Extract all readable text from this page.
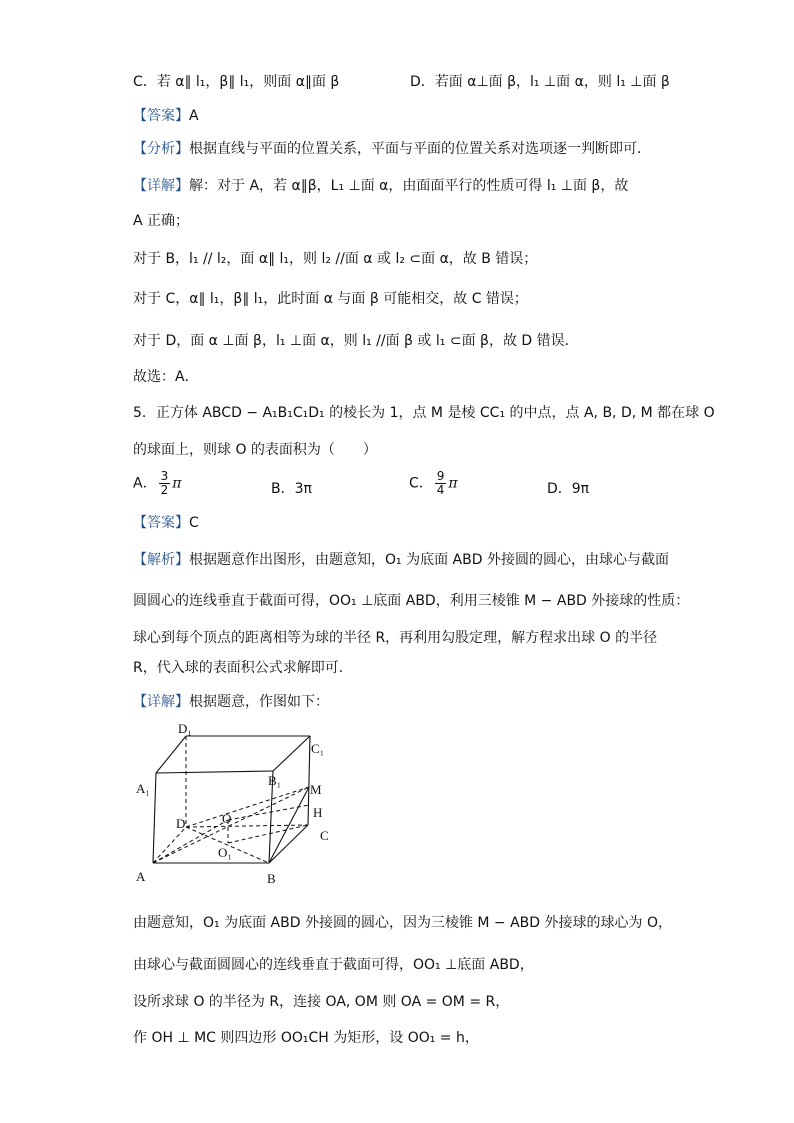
C．若 α∥ l₁，β∥ l₁，则面 α∥面 β	D．若面 α⊥面 β，l₁ ⊥面 α，则 l₁ ⊥面 β
【答案】A
【分析】根据直线与平面的位置关系，平面与平面的位置关系对选项逐一判断即可．
【详解】解：对于 A，若 α∥β，L₁ ⊥面 α，由面面平行的性质可得 l₁ ⊥面 β，故
A 正确；
对于 B，l₁ // l₂，面 α∥ l₁，则 l₂ //面 α 或 l₂ ⊂面 α，故 B 错误；
对于 C，α∥ l₁，β∥ l₁，此时面 α 与面 β 可能相交，故 C 错误；
对于 D，面 α ⊥面 β，l₁ ⊥面 α，则 l₁ //面 β 或 l₁ ⊂面 β，故 D 错误．
故选：A．
5．正方体 ABCD − A₁B₁C₁D₁ 的棱长为 1，点 M 是棱 CC₁ 的中点，点 A, B, D, M 都在球 O
的球面上，则球 O 的表面积为（　　）
A． $\frac{3}{2}$ π	B．3π	C． $\frac{9}{4}$ π	D．9π
【答案】C
【解析】根据题意作出图形，由题意知，O₁ 为底面 ABD 外接圆的圆心，由球心与截面
圆圆心的连线垂直于截面可得，OO₁ ⊥底面 ABD，利用三棱锥 M − ABD 外接球的性质：
球心到每个顶点的距离相等为球的半径 R，再利用勾股定理，解方程求出球 O 的半径
R，代入球的表面积公式求解即可.
【详解】根据题意，作图如下：
D₁
C₁
A₁
B₁
M
H
D	O
O₁
C
A	B
由题意知，O₁ 为底面 ABD 外接圆的圆心，因为三棱锥 M − ABD 外接球的球心为 O，
由球心与截面圆圆心的连线垂直于截面可得，OO₁ ⊥底面 ABD，
设所求球 O 的半径为 R，连接 OA, OM 则 OA = OM = R，
作 OH ⊥ MC 则四边形 OO₁CH 为矩形，设 OO₁ = h，
